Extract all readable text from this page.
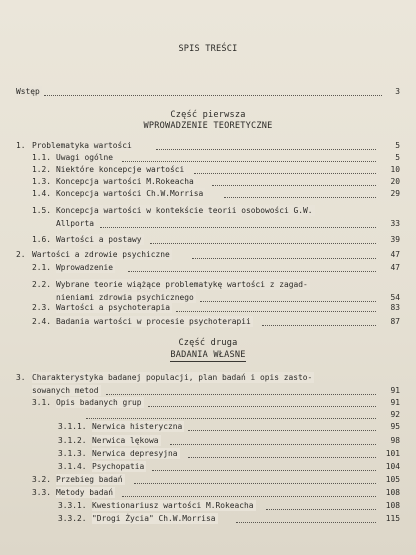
SPIS TREŚCI
Wstęp	3
Część pierwsza
WPROWADZENIE TEORETYCZNE
1. Problematyka wartości	5
1.1. Uwagi ogólne	5
1.2. Niektóre koncepcje wartości	10
1.3. Koncepcja wartości M.Rokeacha	20
1.4. Koncepcja wartości Ch.W.Morrisa	29
1.5. Koncepcja wartości w kontekście teorii osobowości G.W.
Allporta	33
1.6. Wartości a postawy	39
2. Wartości a zdrowie psychiczne	47
2.1. Wprowadzenie	47
2.2. Wybrane teorie wiążące problematykę wartości z zagad-
nieniami zdrowia psychicznego	54
2.3. Wartości a psychoterapia	83
2.4. Badania wartości w procesie psychoterapii	87
Część druga
BADANIA WŁASNE
3. Charakterystyka badanej populacji, plan badań i opis zasto-
sowanych metod	91
3.1. Opis badanych grup	91
92
3.1.1. Nerwica histeryczna	95
3.1.2. Nerwica lękowa	98
3.1.3. Nerwica depresyjna	101
3.1.4. Psychopatia	104
3.2. Przebieg badań	105
3.3. Metody badań	108
3.3.1. Kwestionariusz wartości M.Rokeacha	108
3.3.2. "Drogi Życia" Ch.W.Morrisa	115
